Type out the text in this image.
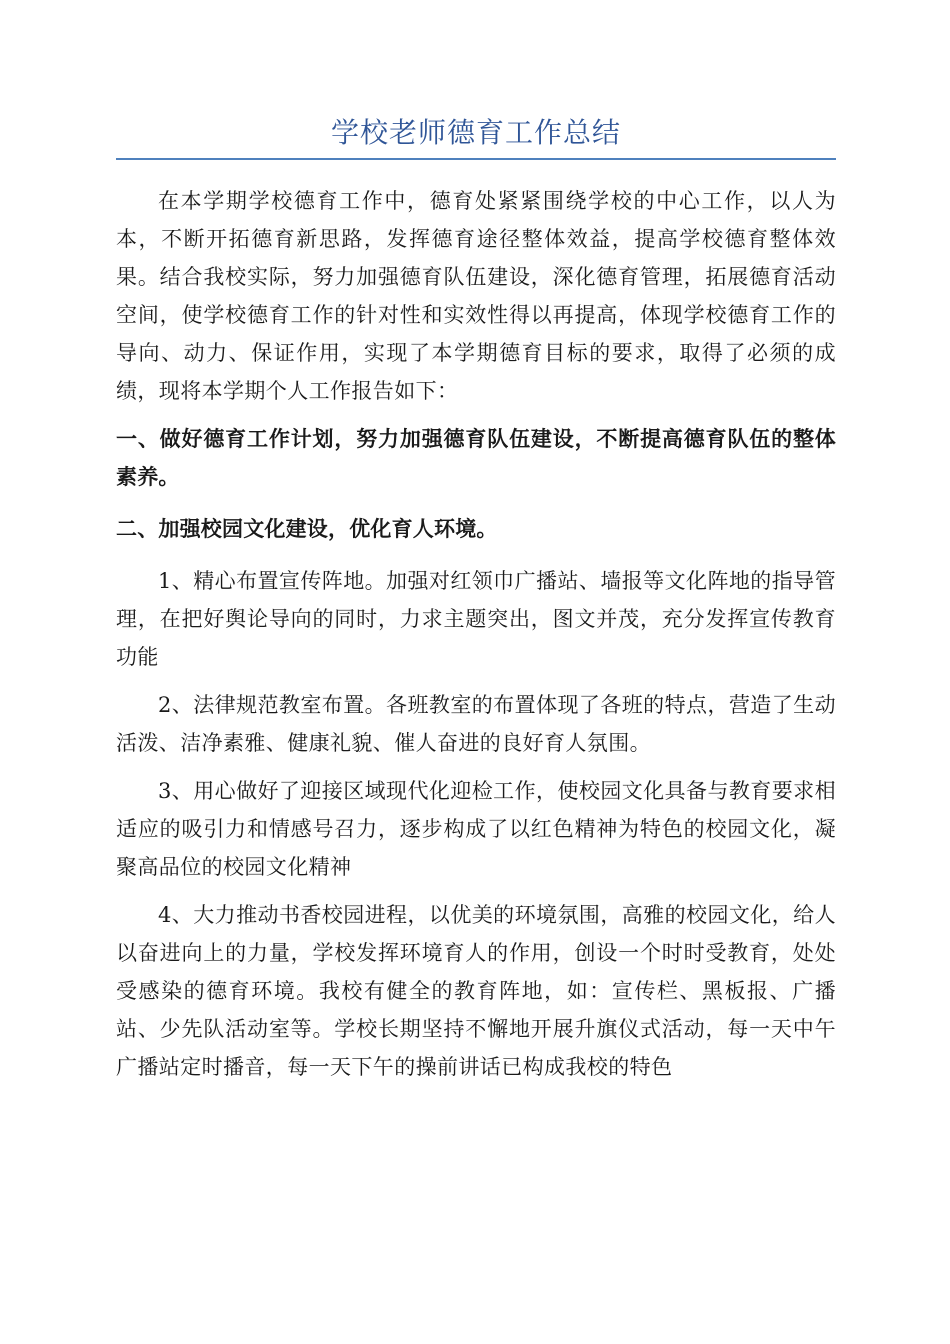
学校老师德育工作总结

在本学期学校德育工作中，德育处紧紧围绕学校的中心工作，以人为本，不断开拓德育新思路，发挥德育途径整体效益，提高学校德育整体效果。结合我校实际，努力加强德育队伍建设，深化德育管理，拓展德育活动空间，使学校德育工作的针对性和实效性得以再提高，体现学校德育工作的导向、动力、保证作用，实现了本学期德育目标的要求，取得了必须的成绩，现将本学期个人工作报告如下：

一、做好德育工作计划，努力加强德育队伍建设，不断提高德育队伍的整体素养。

二、加强校园文化建设，优化育人环境。

1、精心布置宣传阵地。加强对红领巾广播站、墙报等文化阵地的指导管理，在把好舆论导向的同时，力求主题突出，图文并茂，充分发挥宣传教育功能

2、法律规范教室布置。各班教室的布置体现了各班的特点，营造了生动活泼、洁净素雅、健康礼貌、催人奋进的良好育人氛围。

3、用心做好了迎接区域现代化迎检工作，使校园文化具备与教育要求相适应的吸引力和情感号召力，逐步构成了以红色精神为特色的校园文化，凝聚高品位的校园文化精神

4、大力推动书香校园进程，以优美的环境氛围，高雅的校园文化，给人以奋进向上的力量，学校发挥环境育人的作用，创设一个时时受教育，处处受感染的德育环境。我校有健全的教育阵地，如：宣传栏、黑板报、广播站、少先队活动室等。学校长期坚持不懈地开展升旗仪式活动，每一天中午广播站定时播音，每一天下午的操前讲话已构成我校的特色
